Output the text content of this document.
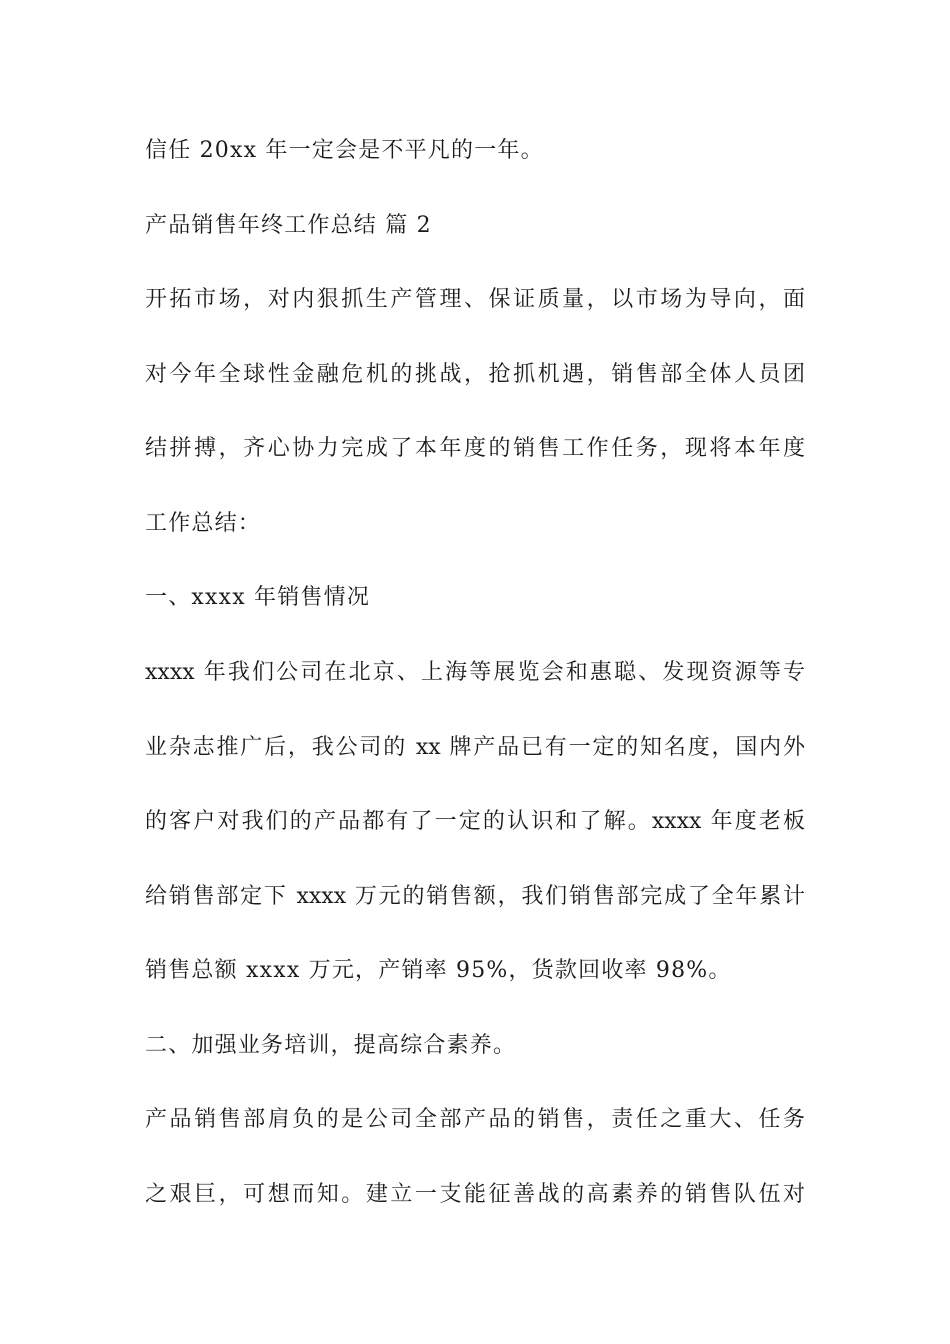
信任 20xx 年一定会是不平凡的一年。
产品销售年终工作总结 篇 2
开拓市场，对内狠抓生产管理、保证质量，以市场为导向，面
对今年全球性金融危机的挑战，抢抓机遇，销售部全体人员团
结拼搏，齐心协力完成了本年度的销售工作任务，现将本年度
工作总结：
一、xxxx 年销售情况
xxxx 年我们公司在北京、上海等展览会和惠聪、发现资源等专
业杂志推广后，我公司的 xx 牌产品已有一定的知名度，国内外
的客户对我们的产品都有了一定的认识和了解。xxxx 年度老板
给销售部定下 xxxx 万元的销售额，我们销售部完成了全年累计
销售总额 xxxx 万元，产销率 95%，货款回收率 98%。
二、加强业务培训，提高综合素养。
产品销售部肩负的是公司全部产品的销售，责任之重大、任务
之艰巨，可想而知。建立一支能征善战的高素养的销售队伍对
